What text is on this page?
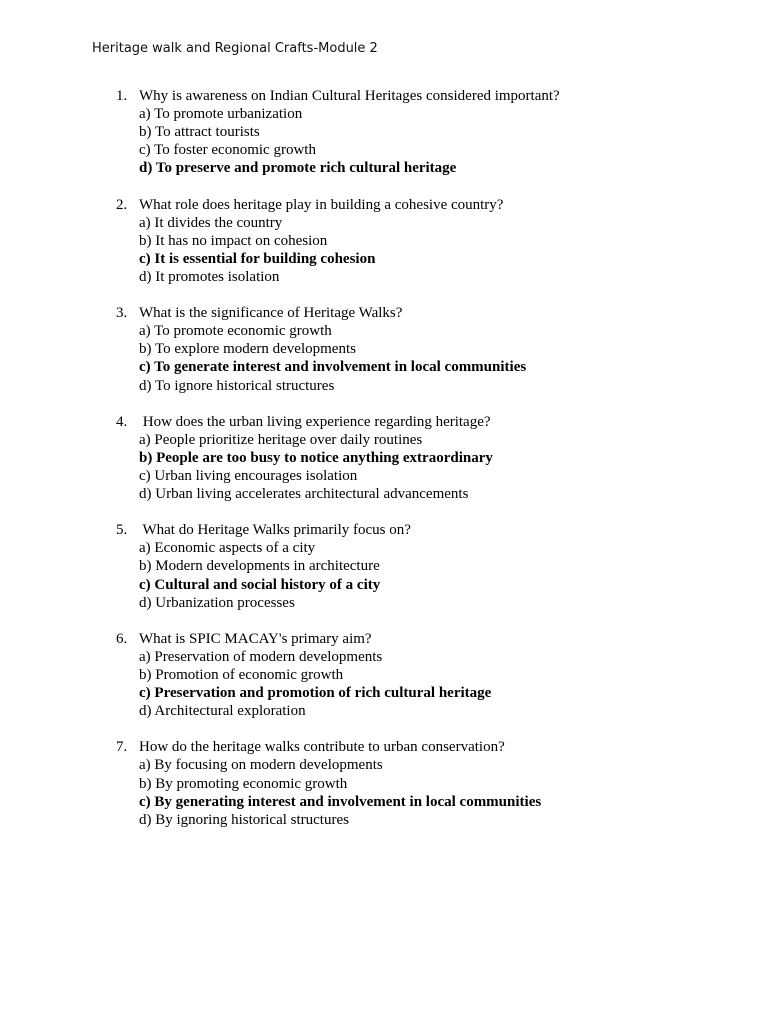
Heritage walk and Regional Crafts-Module 2
1. Why is awareness on Indian Cultural Heritages considered important?
a) To promote urbanization
b) To attract tourists
c) To foster economic growth
d) To preserve and promote rich cultural heritage
2. What role does heritage play in building a cohesive country?
a) It divides the country
b) It has no impact on cohesion
c) It is essential for building cohesion
d) It promotes isolation
3. What is the significance of Heritage Walks?
a) To promote economic growth
b) To explore modern developments
c) To generate interest and involvement in local communities
d) To ignore historical structures
4. How does the urban living experience regarding heritage?
a) People prioritize heritage over daily routines
b) People are too busy to notice anything extraordinary
c) Urban living encourages isolation
d) Urban living accelerates architectural advancements
5. What do Heritage Walks primarily focus on?
a) Economic aspects of a city
b) Modern developments in architecture
c) Cultural and social history of a city
d) Urbanization processes
6. What is SPIC MACAY's primary aim?
a) Preservation of modern developments
b) Promotion of economic growth
c) Preservation and promotion of rich cultural heritage
d) Architectural exploration
7. How do the heritage walks contribute to urban conservation?
a) By focusing on modern developments
b) By promoting economic growth
c) By generating interest and involvement in local communities
d) By ignoring historical structures
